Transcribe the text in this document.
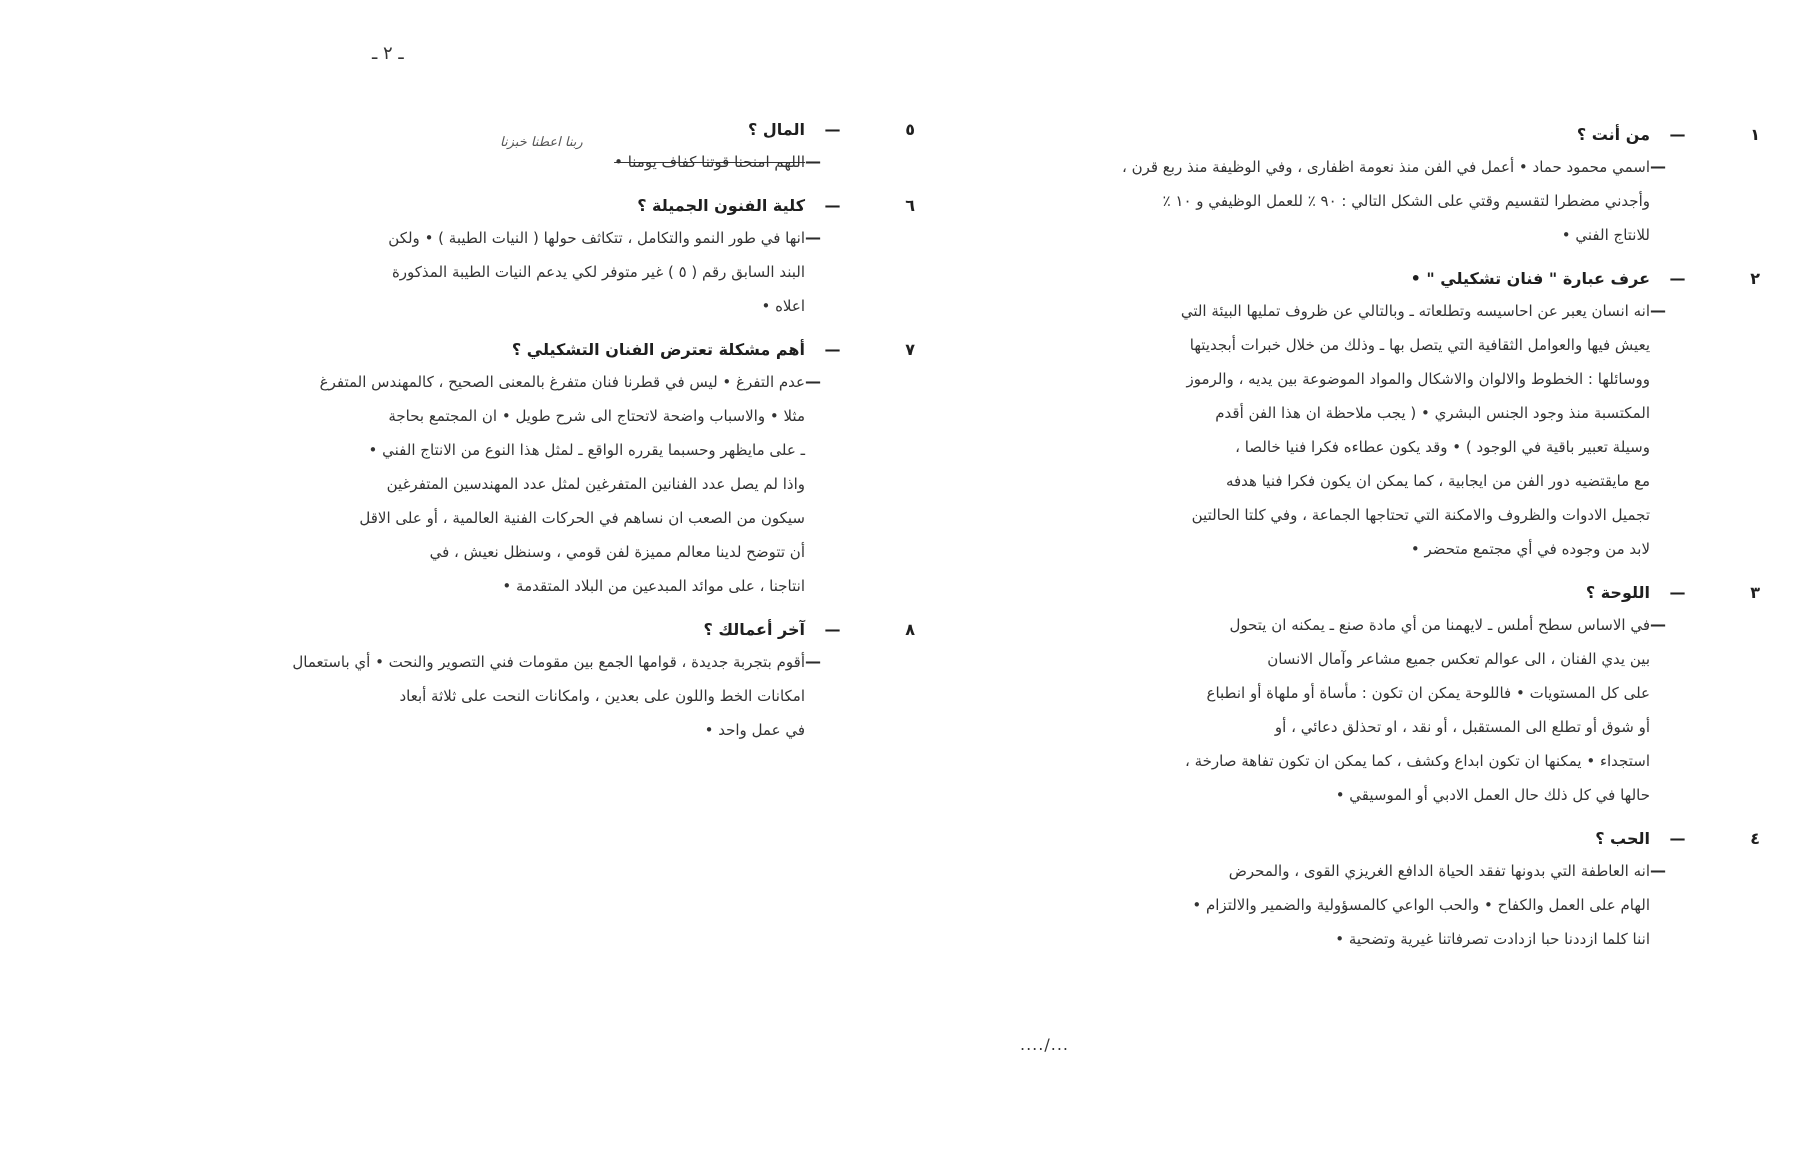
ـ ٢ ـ
ربنا اعطنا خبزنا
٥
—
المال ؟
—

اللهم امنحنا قوتنا كفاف يومنا •

٦
—
كلية الفنون الجميلة ؟
—

انها في طور النمو والتكامل ، تتكاثف حولها ( النيات الطيبة ) • ولكن

البند السابق رقم ( ٥ ) غير متوفر لكي يدعم النيات الطيبة المذكورة

اعلاه •

٧
—
أهم مشكلة تعترض الفنان التشكيلي ؟
—

عدم التفرغ • ليس في قطرنا فنان متفرغ بالمعنى الصحيح ، كالمهندس المتفرغ

مثلا • والاسباب واضحة لاتحتاج الى شرح طويل • ان المجتمع بحاجة

ـ على مايظهر وحسبما يقرره الواقع ـ لمثل هذا النوع من الانتاج الفني •

واذا لم يصل عدد الفنانين المتفرغين لمثل عدد المهندسين المتفرغين

سيكون من الصعب ان نساهم في الحركات الفنية العالمية ، أو على الاقل

أن تتوضح لدينا معالم مميزة لفن قومي ، وسنظل نعيش ، في

انتاجنا ، على موائد المبدعين من البلاد المتقدمة •

٨
—
آخر أعمالك ؟
—

أقوم بتجربة جديدة ، قوامها الجمع بين مقومات فني التصوير والنحت • أي باستعمال

امكانات الخط واللون على بعدين ، وامكانات النحت على ثلاثة أبعاد

في عمل واحد •

١
—
من أنت ؟
—

اسمي محمود حماد • أعمل في الفن منذ نعومة اظفارى ، وفي الوظيفة منذ ربع قرن ،

وأجدني مضطرا لتقسيم وقتي على الشكل التالي : ٩٠ ٪ للعمل الوظيفي و ١٠ ٪

للانتاج الفني •

٢
—
عرف عبارة " فنان تشكيلي " •
—

انه انسان يعبر عن احاسيسه وتطلعاته ـ وبالتالي عن ظروف تمليها البيئة التي

يعيش فيها والعوامل الثقافية التي يتصل بها ـ وذلك من خلال خبرات أبجديتها

ووسائلها : الخطوط والالوان والاشكال والمواد الموضوعة بين يديه ، والرموز

المكتسبة منذ وجود الجنس البشري • ( يجب ملاحظة ان هذا الفن أقدم

وسيلة تعبير باقية في الوجود ) • وقد يكون عطاءه فكرا فنيا خالصا ،

مع مايقتضيه دور الفن من ايجابية ، كما يمكن ان يكون فكرا فنيا هدفه

تجميل الادوات والظروف والامكنة التي تحتاجها الجماعة ، وفي كلتا الحالتين

لابد من وجوده في أي مجتمع متحضر •

٣
—
اللوحة ؟
—

في الاساس سطح أملس ـ لايهمنا من أي مادة صنع ـ يمكنه ان يتحول

بين يدي الفنان ، الى عوالم تعكس جميع مشاعر وآمال الانسان

على كل المستويات • فاللوحة يمكن ان تكون : مأساة أو ملهاة أو انطباع

أو شوق أو تطلع الى المستقبل ، أو نقد ، او تحذلق دعائي ، أو

استجداء • يمكنها ان تكون ابداع وكشف ، كما يمكن ان تكون تفاهة صارخة ،

حالها في كل ذلك حال العمل الادبي أو الموسيقي •

٤
—
الحب ؟
—

انه العاطفة التي بدونها تفقد الحياة الدافع الغريزي القوى ، والمحرض

الهام على العمل والكفاح • والحب الواعي كالمسؤولية والضمير والالتزام •

اننا كلما ازددنا حبا ازدادت تصرفاتنا غيرية وتضحية •

..../...
